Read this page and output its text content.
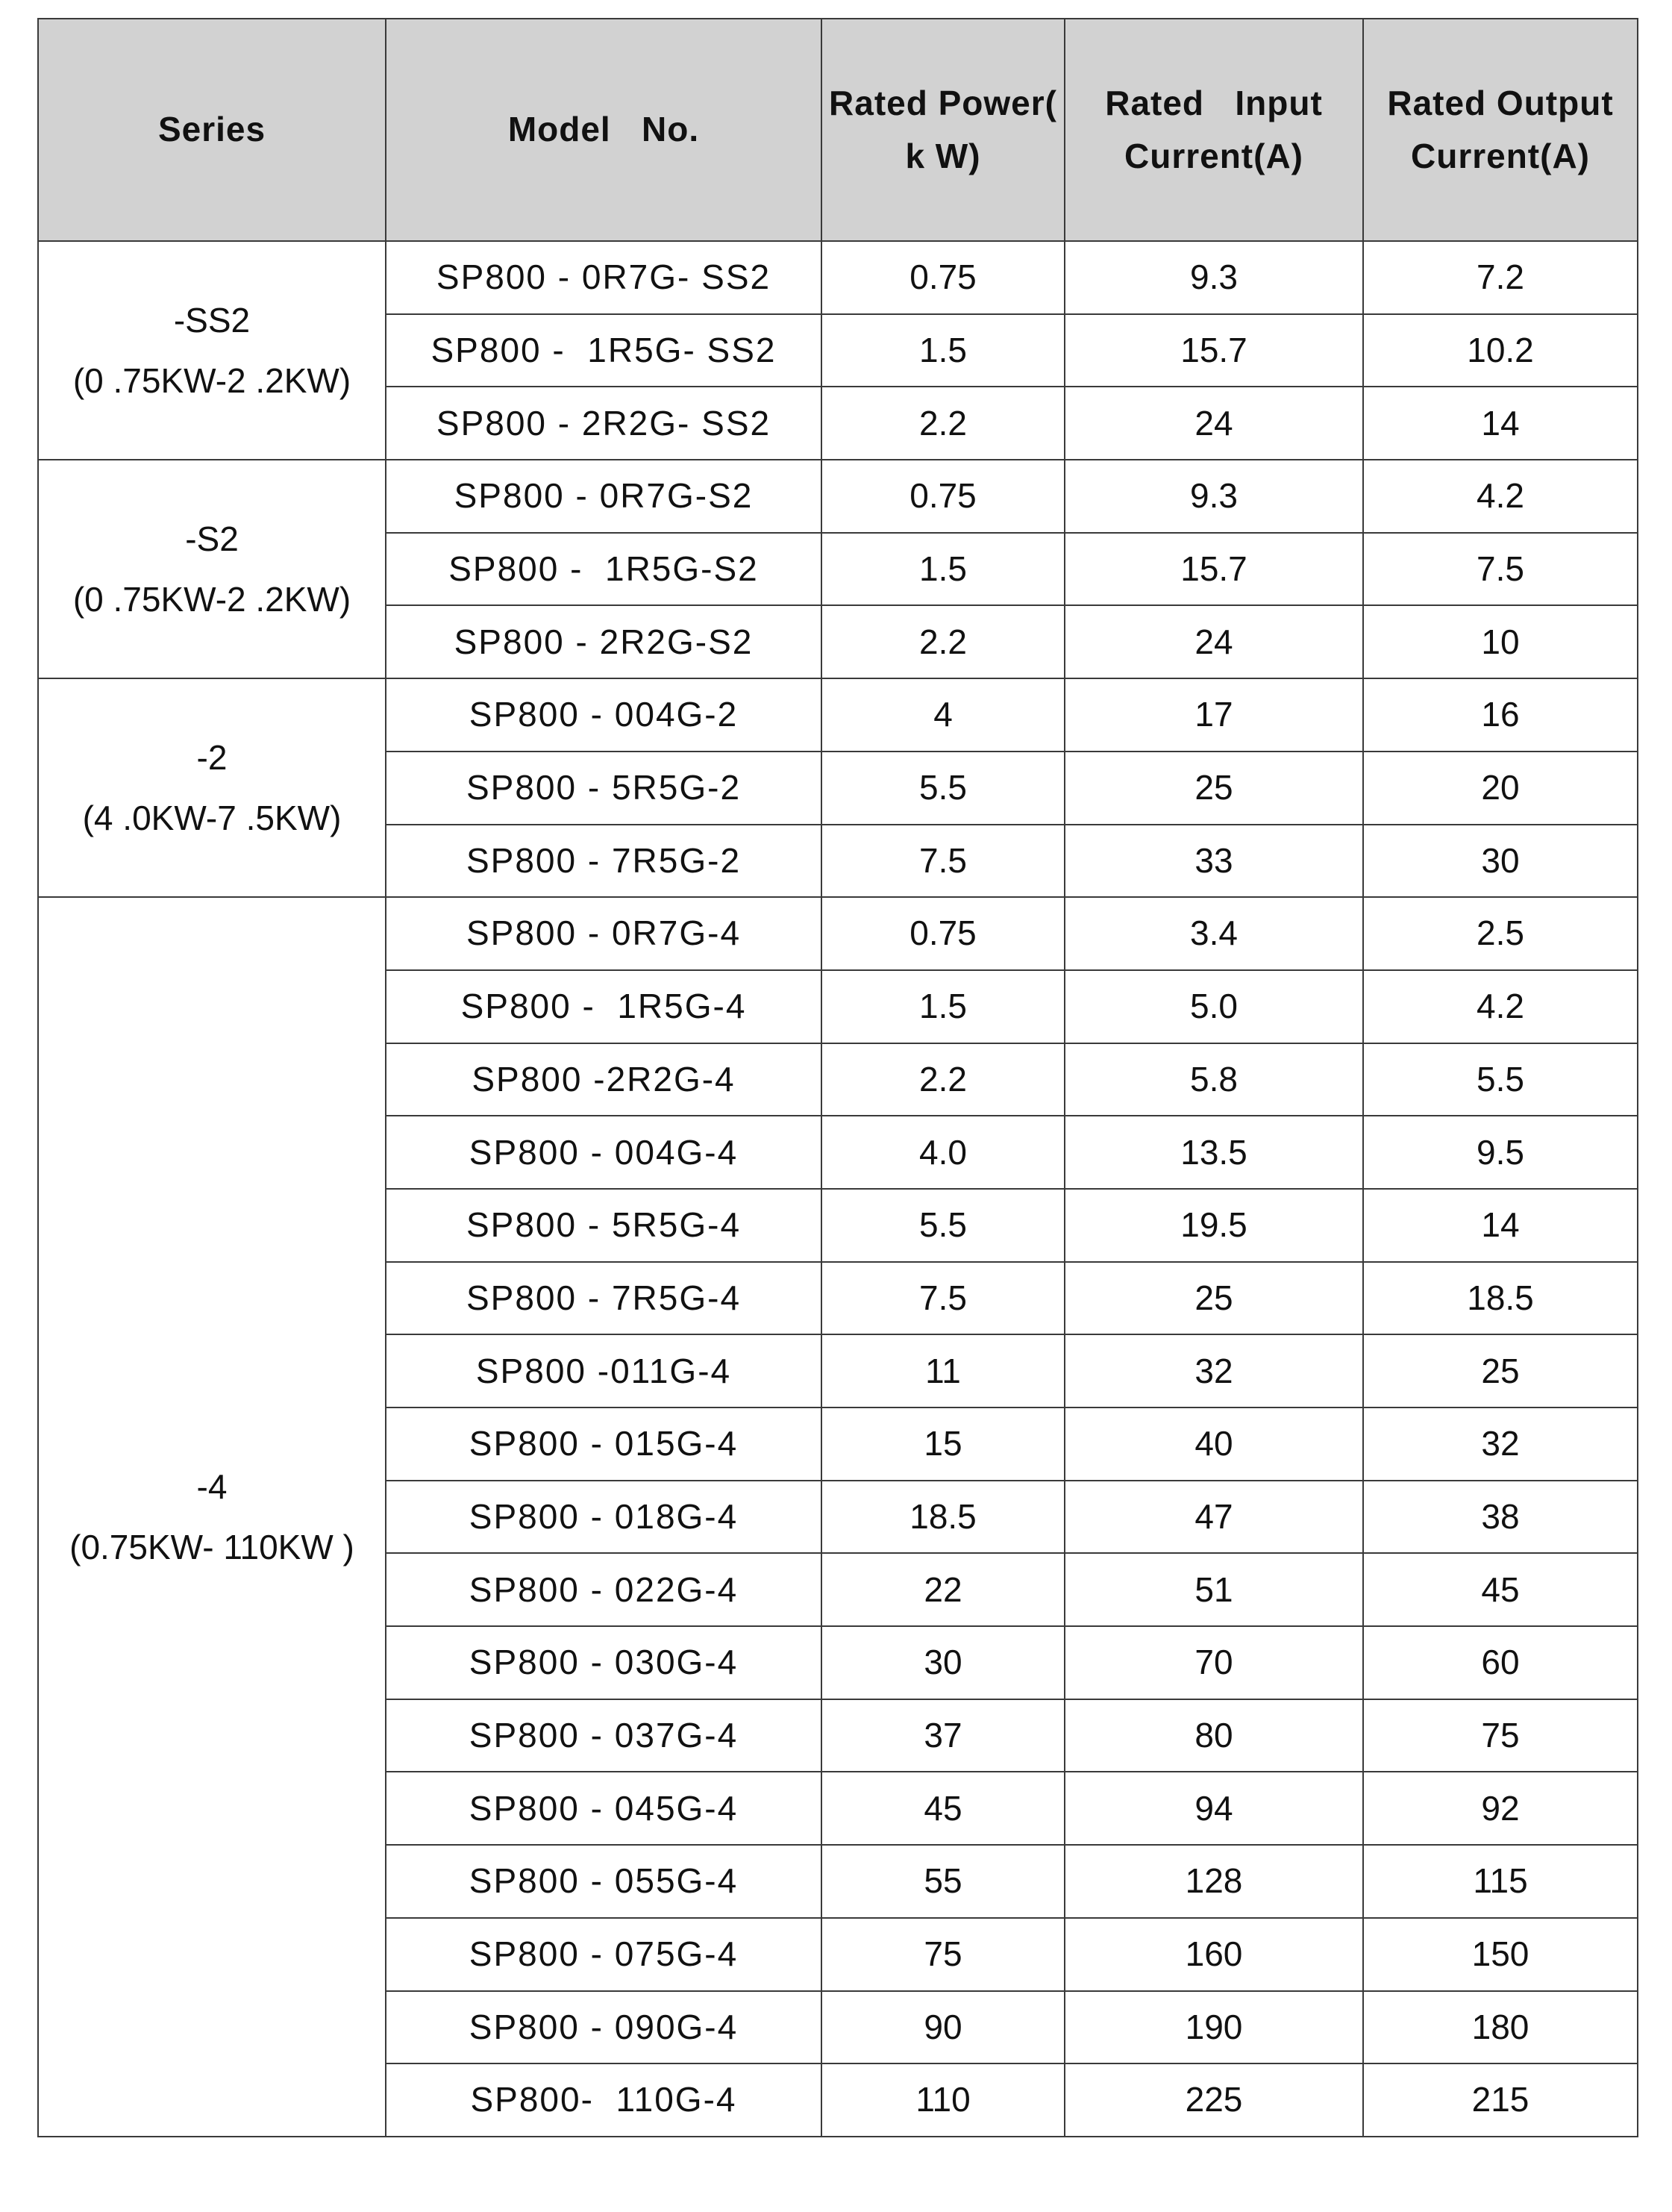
Series	Model   No.	Rated Power( k W)	Rated   Input Current(A)	Rated Output Current(A)

-SS2
(0 .75KW-2 .2KW)	SP800 - 0R7G- SS2	0.75	9.3	7.2
	SP800 -  1R5G- SS2	1.5	15.7	10.2
	SP800 - 2R2G- SS2	2.2	24	14

-S2
(0 .75KW-2 .2KW)	SP800 - 0R7G-S2	0.75	9.3	4.2
	SP800 -  1R5G-S2	1.5	15.7	7.5
	SP800 - 2R2G-S2	2.2	24	10

-2
(4 .0KW-7 .5KW)	SP800 - 004G-2	4	17	16
	SP800 - 5R5G-2	5.5	25	20
	SP800 - 7R5G-2	7.5	33	30

-4
(0.75KW- 110KW )	SP800 - 0R7G-4	0.75	3.4	2.5
	SP800 -  1R5G-4	1.5	5.0	4.2
	SP800 -2R2G-4	2.2	5.8	5.5
	SP800 - 004G-4	4.0	13.5	9.5
	SP800 - 5R5G-4	5.5	19.5	14
	SP800 - 7R5G-4	7.5	25	18.5
	SP800 -011G-4	11	32	25
	SP800 - 015G-4	15	40	32
	SP800 - 018G-4	18.5	47	38
	SP800 - 022G-4	22	51	45
	SP800 - 030G-4	30	70	60
	SP800 - 037G-4	37	80	75
	SP800 - 045G-4	45	94	92
	SP800 - 055G-4	55	128	115
	SP800 - 075G-4	75	160	150
	SP800 - 090G-4	90	190	180
	SP800-  110G-4	110	225	215
